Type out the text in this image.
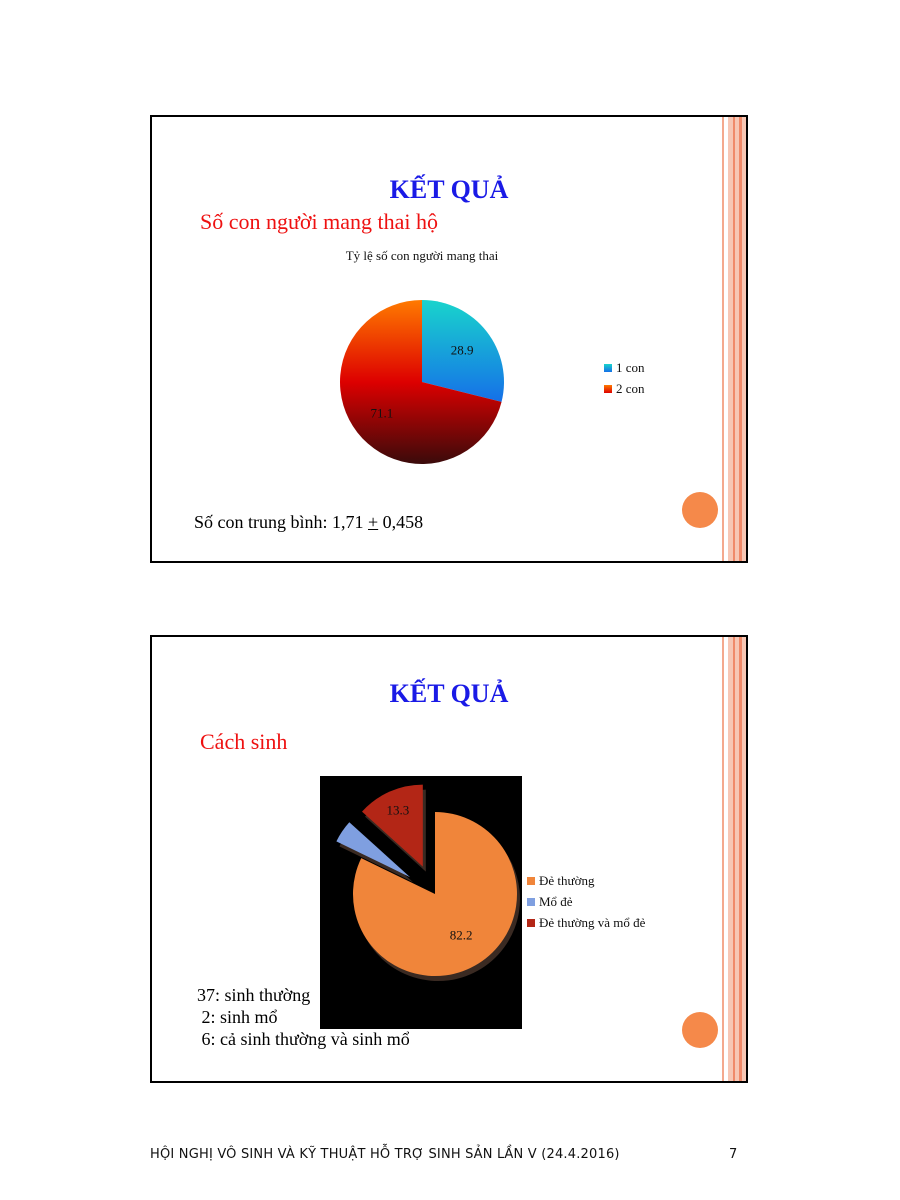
KẾT QUẢ
Số con người mang thai hộ
Tỷ lệ số con người mang thai
28.9
71.1
1 con
2 con
Số con trung bình: 1,71 + 0,458
KẾT QUẢ
Cách sinh
82.2
13.3
Đẻ thường
Mổ đẻ
Đẻ thường và mổ đẻ
37: sinh thường
2: sinh mổ
6: cả sinh thường và sinh mổ
HỘI NGHỊ VÔ SINH VÀ KỸ THUẬT HỖ TRỢ SINH SẢN LẦN V (24.4.2016)	7
